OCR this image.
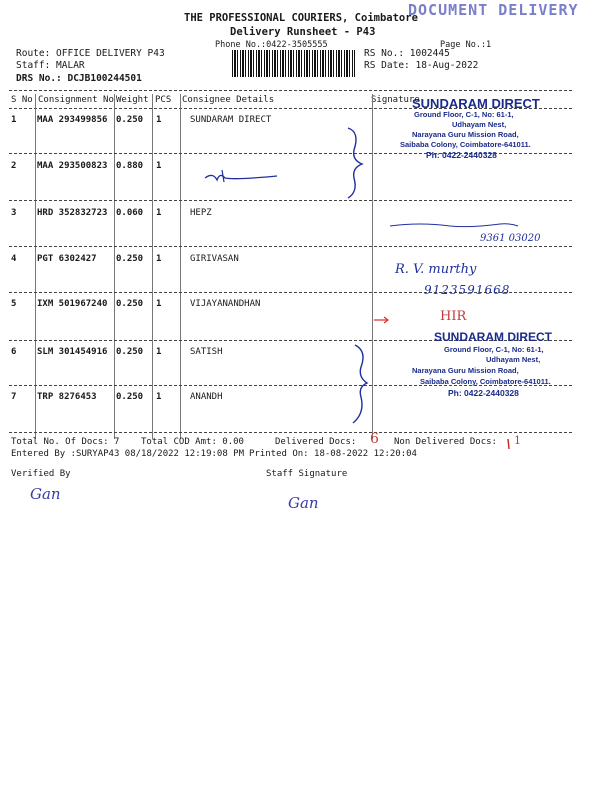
DOCUMENT DELIVERY
THE PROFESSIONAL COURIERS, Coimbatore
Delivery Runsheet - P43
Phone No.:0422-3505555	Page No.:1
Route: OFFICE DELIVERY P43
Staff: MALAR
DRS No.: DCJB100244501
RS No.: 1002445
RS Date: 18-Aug-2022
S No Consignment No Weight PCS Consignee Details	Signature
1 MAA 293499856 0.250 1	SUNDARAM DIRECT
2 MAA 293500823 0.880 1
3 HRD 352832723 0.060 1	HEPZ
4 PGT 6302427 0.250 1	GIRIVASAN
5 IXM 501967240 0.250 1	VIJAYANANDHAN
6 SLM 301454916 0.250 1	SATISH
7 TRP 8276453 0.250 1	ANANDH
SUNDARAM DIRECT
Ground Floor, C-1, No: 61-1,
Udhayam Nest,
Narayana Guru Mission Road,
Saibaba Colony, Coimbatore-641011.
Ph: 0422-2440328
SUNDARAM DIRECT
Ground Floor, C-1, No: 61-1,
Udhayam Nest,
Narayana Guru Mission Road,
Saibaba Colony, Coimbatore-641011.
Ph: 0422-2440328
9361 03020
R. V. murthy
9123591668
HIR
Total No. Of Docs: 7 Total COD Amt: 0.00	Delivered Docs: 6 Non Delivered Docs: 1
Entered By :SURYAP43 08/18/2022 12:19:08 PM Printed On: 18-08-2022 12:20:04
Verified By	Staff Signature
Gan	Gan
